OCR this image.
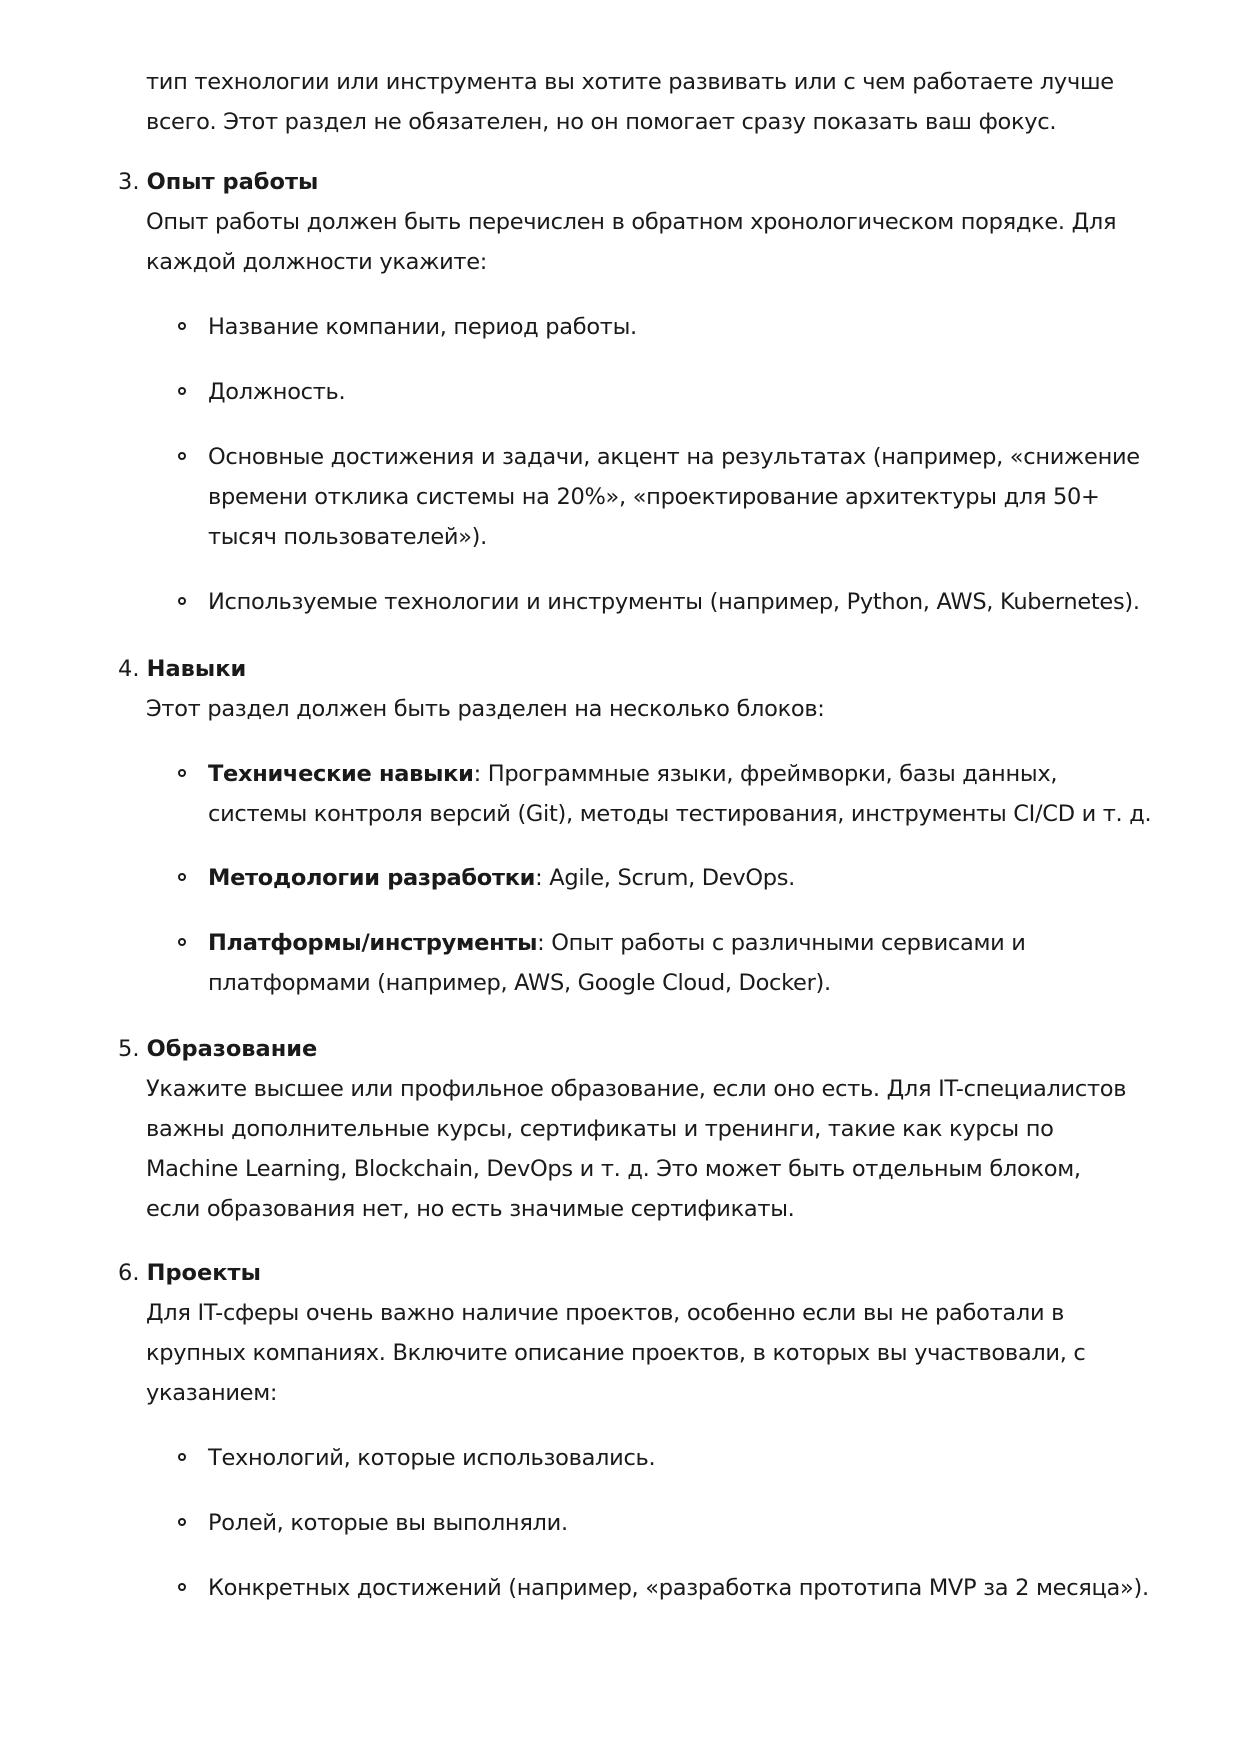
тип технологии или инструмента вы хотите развивать или с чем работаете лучше всего. Этот раздел не обязателен, но он помогает сразу показать ваш фокус.
3. Опыт работы
Опыт работы должен быть перечислен в обратном хронологическом порядке. Для каждой должности укажите:
Название компании, период работы.
Должность.
Основные достижения и задачи, акцент на результатах (например, «снижение времени отклика системы на 20%», «проектирование архитектуры для 50+ тысяч пользователей»).
Используемые технологии и инструменты (например, Python, AWS, Kubernetes).
4. Навыки
Этот раздел должен быть разделен на несколько блоков:
Технические навыки: Программные языки, фреймворки, базы данных, системы контроля версий (Git), методы тестирования, инструменты CI/CD и т. д.
Методологии разработки: Agile, Scrum, DevOps.
Платформы/инструменты: Опыт работы с различными сервисами и платформами (например, AWS, Google Cloud, Docker).
5. Образование
Укажите высшее или профильное образование, если оно есть. Для IT-специалистов важны дополнительные курсы, сертификаты и тренинги, такие как курсы по Machine Learning, Blockchain, DevOps и т. д. Это может быть отдельным блоком, если образования нет, но есть значимые сертификаты.
6. Проекты
Для IT-сферы очень важно наличие проектов, особенно если вы не работали в крупных компаниях. Включите описание проектов, в которых вы участвовали, с указанием:
Технологий, которые использовались.
Ролей, которые вы выполняли.
Конкретных достижений (например, «разработка прототипа MVP за 2 месяца»).
